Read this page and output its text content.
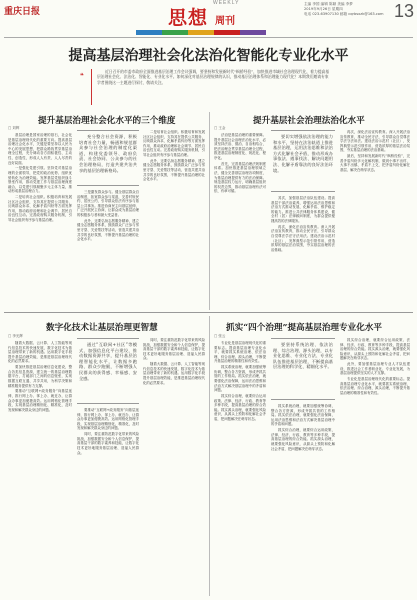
重庆日报
WEEKLY
思想 周刊
主编 李国 编辑 陈颖 美编 李梦
2019年9月26日 星期四
电话 023-63907130 邮箱 cqrbsxzk@163.com 13
提高基层治理社会化法治化智能化专业化水平
❝

近日召开的市委市政府全面推进基层治理工作会议强调，要坚持和发展新时代“枫桥经验”，加快推进市域社会治理现代化，着力提高基层治理社会化、法治化、智能化、专业化水平。如何深化对基层治理规律的认识，推动基层治理体系和治理能力现代化？本期我们邀请专家学者围绕这一主题进行探讨，敬请关注。

提升基层治理社会化水平的三个维度
□ 刘辉

基层治理是国家治理的基石，社会化是基层治理现代化的重要方向。提高基层治理社会化水平，关键是要坚持以人民为中心的发展思想，把群众路线贯穿基层治理全过程，充分调动各方面积极性、主动性、创造性，形成人人有责、人人尽责的良好局面。

一是强化党建引领。坚持党对基层治理的全面领导，把党的政治优势、组织优势转化为治理效能。发挥基层党组织战斗堡垒作用，推动党建工作与基层治理深度融合，以党建引领凝聚多元主体力量，推动形成基层治理合力。

二是培育社会组织。积极培育和发展社区社会组织，支持其在提供公共服务、反映群众诉求、化解矛盾纠纷等方面发挥作用，推动政府治理和社会调节、居民自治良性互动。完善政府购买服务机制，引导社会组织有序参与基层治理。

充分整合社会资源，积极培育社会力量，畅通和规范群众参与社会治理的制度化渠道，构建党委领导、政府负责、社会协同、公众参与的社会治理格局，打造共建共治共享的基层治理新格局。

三是激发群众参与。健全基层群众自治制度，拓宽群众参与渠道，完善村规民约、居民公约，引导群众依法有序参与基层公共事务。推进协商民主向基层延伸，广泛开展民主协商，让群众成为基层治理的积极参与者和最大受益者。

此外，还要弘扬志愿服务精神，建立健全志愿服务体系，鼓励群众广泛参与邻里守望、关爱帮扶等活动，营造共建共治共享的良好氛围，不断提升基层治理的社会化水平。

二是培育社会组织。积极培育和发展社区社会组织，支持其在提供公共服务、反映群众诉求、化解矛盾纠纷等方面发挥作用，推动政府治理和社会调节、居民自治良性互动。完善政府购买服务机制，引导社会组织有序参与基层治理。

此外，还要弘扬志愿服务精神，建立健全志愿服务体系，鼓励群众广泛参与邻里守望、关爱帮扶等活动，营造共建共治共享的良好氛围，不断提升基层治理的社会化水平。

提升基层社会治理法治化水平
□ 王金

法治是基层治理的重要保障。提升基层社会治理法治化水平，必须坚持法治、德治、自治相结合，把法治理念贯穿基层治理全过程，推进基层治理制度化、规范化、程序化。

首先，完善基层治理法规制度体系。加快推进基层治理领域立法，健全完善基层治理各项制度，为基层治理提供有力的法治保障。规范基层权力运行，明确基层组织的权责边界，推动基层治理有法可依、有章可循。

要切实增强依法治理的能力和水平，坚持在法治轨道上推进基层治理，运用法治思维和法治方式化解社会矛盾，推动形成办事依法、遇事找法、解决问题用法、化解矛盾靠法的良好法治环境。

其次，加强基层法治队伍建设。提高基层干部法治素养，增强运用法治思维和法治方式推动发展、化解矛盾、维护稳定的能力。推进公共法律服务体系建设，健全村（居）法律顾问制度，为群众提供便捷高效的法律服务。

再次，深化法治宣传教育。深入开展法治宣传教育，推动全民守法，引导群众自觉尊法学法守法用法。建设法治示范村（社区），发挥典型示范引领作用，营造浓厚的基层法治氛围，夯实基层治理的法治基础。

再次，深化法治宣传教育。深入开展法治宣传教育，推动全民守法，引导群众自觉尊法学法守法用法。建设法治示范村（社区），发挥典型示范引领作用，营造浓厚的基层法治氛围，夯实基层治理的法治基础。

最后，坚持和发展新时代“枫桥经验”，完善矛盾纠纷多元化解机制，做到小事不出村、大事不出镇、矛盾不上交，把矛盾纠纷化解在基层、解决在萌芽状态。

数字化技术让基层治理更智慧
□ 李光辉

随着大数据、云计算、人工智能等现代信息技术的快速发展，数字化技术为基层治理带来了新的机遇。运用数字化手段提升基层治理效能，是推进基层治理现代化的必然要求。

要加快推进基层治理信息化建设，整合各类信息资源，建立统一的基层治理数据平台，打破部门之间的信息壁垒，实现数据互联互通、共享共用，为科学决策和精准服务提供有力支撑。

要推动“互联网+政务服务”向基层延伸，推行网上办、掌上办、就近办，让群众办事更加便捷高效。运用网格化管理手段，实现基层治理精细化、精准化，及时发现和解决群众身边的问题。

通过“互联网+社区”等模式，加强信息化平台建设，推动数据资源共享，提升基层治理智能化水平，让数据多跑路、群众少跑腿，不断增强人民群众的获得感、幸福感、安全感。

要推动“互联网+政务服务”向基层延伸，推行网上办、掌上办、就近办，让群众办事更加便捷高效。运用网格化管理手段，实现基层治理精细化、精准化，及时发现和解决群众身边的问题。

同时，要注重防范数字化带来的风险挑战，加强数据安全和个人信息保护，提高基层干部的数字素养和技能，让数字化技术更好地服务基层治理、造福人民群众。

同时，要注重防范数字化带来的风险挑战，加强数据安全和个人信息保护，提高基层干部的数字素养和技能，让数字化技术更好地服务基层治理、造福人民群众。

随着大数据、云计算、人工智能等现代信息技术的快速发展，数字化技术为基层治理带来了新的机遇。运用数字化手段提升基层治理效能，是推进基层治理现代化的必然要求。

抓实“四个治理”提高基层治理专业化水平
□ 张云

专业化是基层治理现代化的重要标志。提高基层治理专业化水平，就要抓实系统治理、依法治理、综合治理、源头治理，不断提升基层治理的精准性和有效性。

抓实系统治理，就要加强统筹协调，整合各方资源，形成齐抓共管的工作格局。抓实依法治理，就要强化法治保障，运用法治思维和法治方式解决基层治理中的矛盾和问题。

抓实综合治理，就要综合运用政策、法律、经济、行政、教育等多种手段，提高基层治理的综合效能。抓实源头治理，就要强化风险意识，从源头上预防和化解社会矛盾，把问题解决在萌芽状态。

要坚持系统治理、依法治理、综合治理、源头治理，以专业化思维、专业化方法、专业化队伍推进基层治理，不断提高基层治理的科学化、精细化水平。

抓实系统治理，就要加强统筹协调，整合各方资源，形成齐抓共管的工作格局。抓实依法治理，就要强化法治保障，运用法治思维和法治方式解决基层治理中的矛盾和问题。

抓实综合治理，就要综合运用政策、法律、经济、行政、教育等多种手段，提高基层治理的综合效能。抓实源头治理，就要强化风险意识，从源头上预防和化解社会矛盾，把问题解决在萌芽状态。

抓实综合治理，就要综合运用政策、法律、经济、行政、教育等多种手段，提高基层治理的综合效能。抓实源头治理，就要强化风险意识，从源头上预防和化解社会矛盾，把问题解决在萌芽状态。

此外，要加强基层治理专业人才队伍建设，推进社会工作者职业化、专业化发展，为基层治理提供坚实的人才支撑。

专业化是基层治理现代化的重要标志。提高基层治理专业化水平，就要抓实系统治理、依法治理、综合治理、源头治理，不断提升基层治理的精准性和有效性。
